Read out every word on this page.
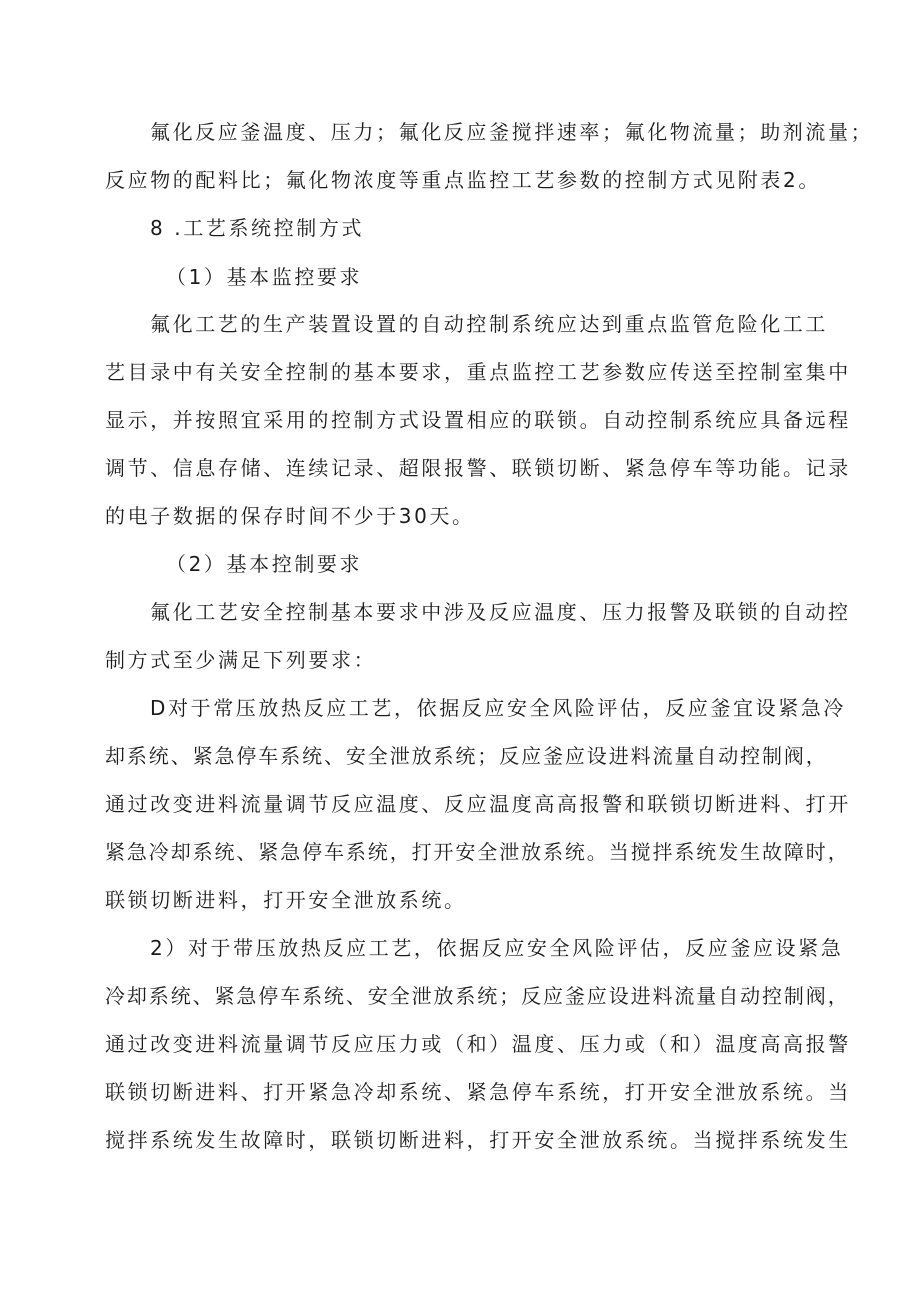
氟化反应釜温度、压力；氟化反应釜搅拌速率；氟化物流量；助剂流量；

反应物的配料比；氟化物浓度等重点监控工艺参数的控制方式见附表2。

8 .工艺系统控制方式

（1）基本监控要求

氟化工艺的生产装置设置的自动控制系统应达到重点监管危险化工工

艺目录中有关安全控制的基本要求，重点监控工艺参数应传送至控制室集中

显示，并按照宜采用的控制方式设置相应的联锁。自动控制系统应具备远程

调节、信息存储、连续记录、超限报警、联锁切断、紧急停车等功能。记录

的电子数据的保存时间不少于30天。

（2）基本控制要求

氟化工艺安全控制基本要求中涉及反应温度、压力报警及联锁的自动控

制方式至少满足下列要求：

D对于常压放热反应工艺，依据反应安全风险评估，反应釜宜设紧急冷

却系统、紧急停车系统、安全泄放系统；反应釜应设进料流量自动控制阀，

通过改变进料流量调节反应温度、反应温度高高报警和联锁切断进料、打开

紧急冷却系统、紧急停车系统，打开安全泄放系统。当搅拌系统发生故障时，

联锁切断进料，打开安全泄放系统。

2）对于带压放热反应工艺，依据反应安全风险评估，反应釜应设紧急

冷却系统、紧急停车系统、安全泄放系统；反应釜应设进料流量自动控制阀，

通过改变进料流量调节反应压力或（和）温度、压力或（和）温度高高报警

联锁切断进料、打开紧急冷却系统、紧急停车系统，打开安全泄放系统。当

搅拌系统发生故障时，联锁切断进料，打开安全泄放系统。当搅拌系统发生
